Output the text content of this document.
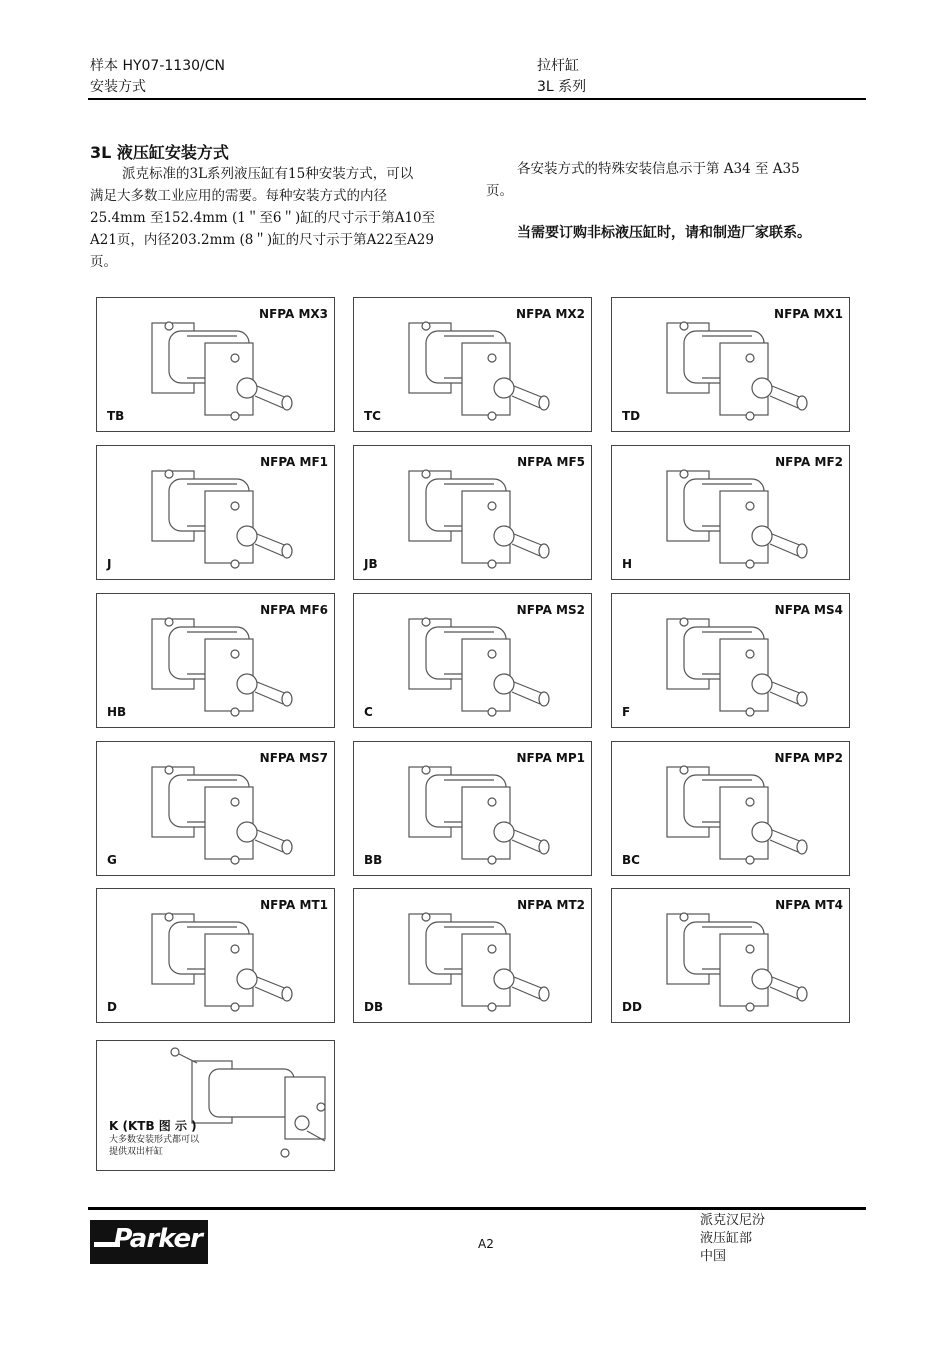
样本 HY07-1130/CN
安装方式
拉杆缸
3L 系列
3L 液压缸安装方式
派克标准的3L系列液压缸有15种安装方式，可以
满足大多数工业应用的需要。每种安装方式的内径
25.4mm 至152.4mm (1＂至6＂)缸的尺寸示于第A10至
A21页，内径203.2mm (8＂)缸的尺寸示于第A22至A29
页。
各安装方式的特殊安装信息示于第 A34 至 A35
页。
当需要订购非标液压缸时，请和制造厂家联系。
NFPA MX3
TB
NFPA MX2
TC
NFPA MX1
TD
NFPA MF1
J
NFPA MF5
JB
NFPA MF2
H
NFPA MF6
HB
NFPA MS2
C
NFPA MS4
F
NFPA MS7
G
NFPA MP1
BB
NFPA MP2
BC
NFPA MT1
D
NFPA MT2
DB
NFPA MT4
DD
K (KTB 图 示 )
大多数安装形式都可以
提供双出杆缸
Parker	A2
派克汉尼汾
液压缸部
中国
